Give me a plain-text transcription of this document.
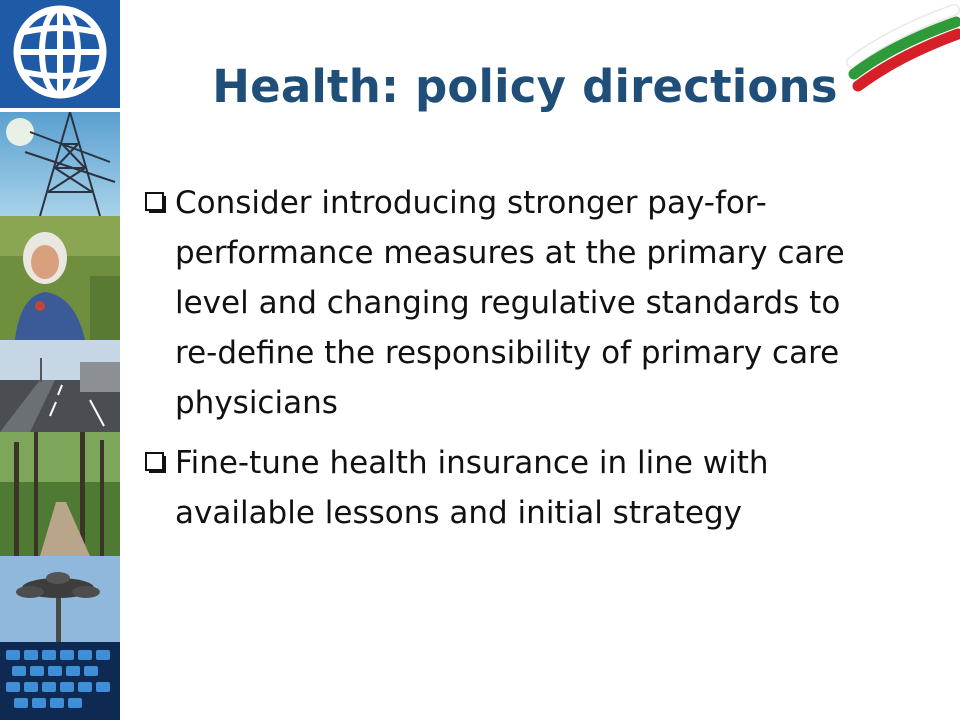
Health: policy directions
Consider introducing stronger pay-for-performance measures at the primary care level and changing regulative standards to re-define the responsibility of primary care physicians
Fine-tune health insurance in line with available lessons and initial strategy
